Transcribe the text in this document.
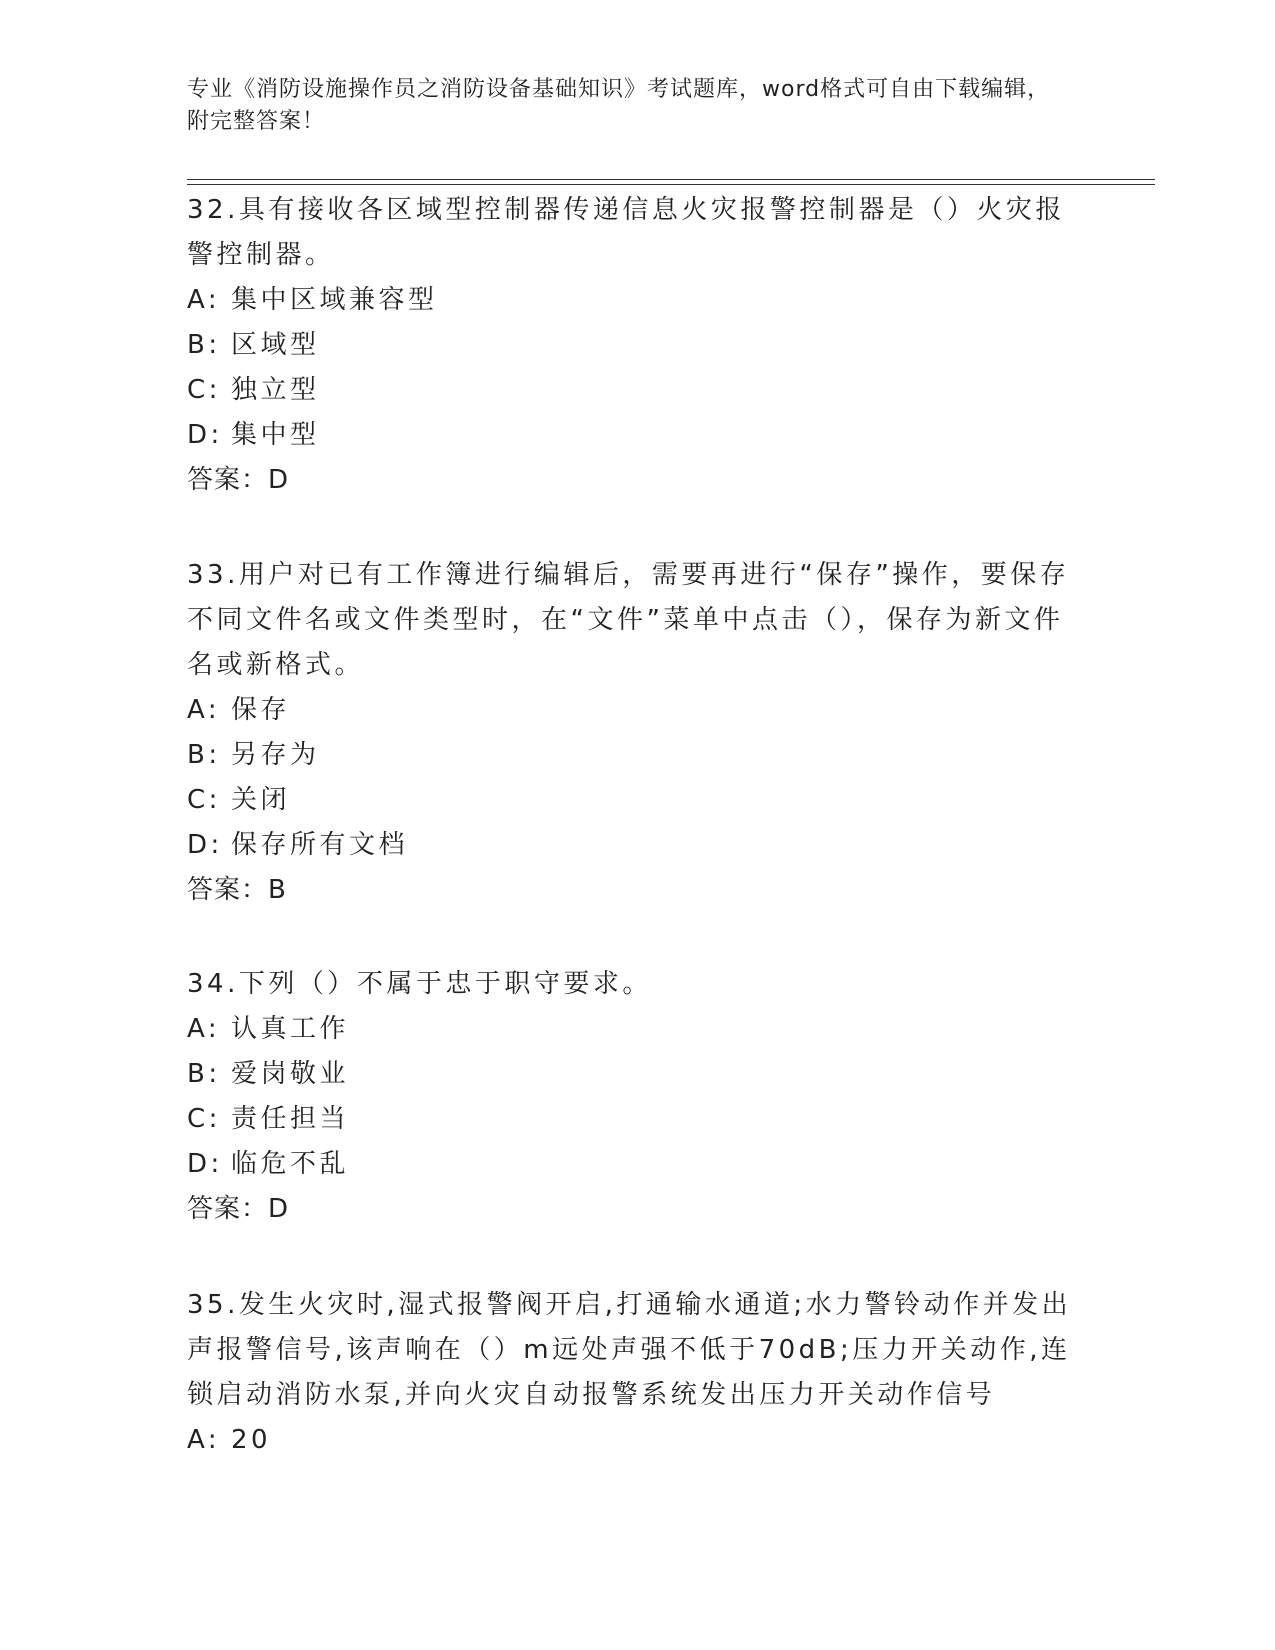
专业《消防设施操作员之消防设备基础知识》考试题库，word格式可自由下载编辑，附完整答案！

32.具有接收各区域型控制器传递信息火灾报警控制器是（）火灾报警控制器。

A: 集中区域兼容型

B: 区域型

C: 独立型

D: 集中型

答案：D

33.用户对已有工作簿进行编辑后，需要再进行“保存”操作，要保存不同文件名或文件类型时，在“文件”菜单中点击（），保存为新文件名或新格式。

A: 保存

B: 另存为

C: 关闭

D: 保存所有文档

答案：B

34.下列（）不属于忠于职守要求。

A: 认真工作

B: 爱岗敬业

C: 责任担当

D: 临危不乱

答案：D

35.发生火灾时,湿式报警阀开启,打通输水通道;水力警铃动作并发出声报警信号,该声响在（）m远处声强不低于70dB;压力开关动作,连锁启动消防水泵,并向火灾自动报警系统发出压力开关动作信号

A: 20
